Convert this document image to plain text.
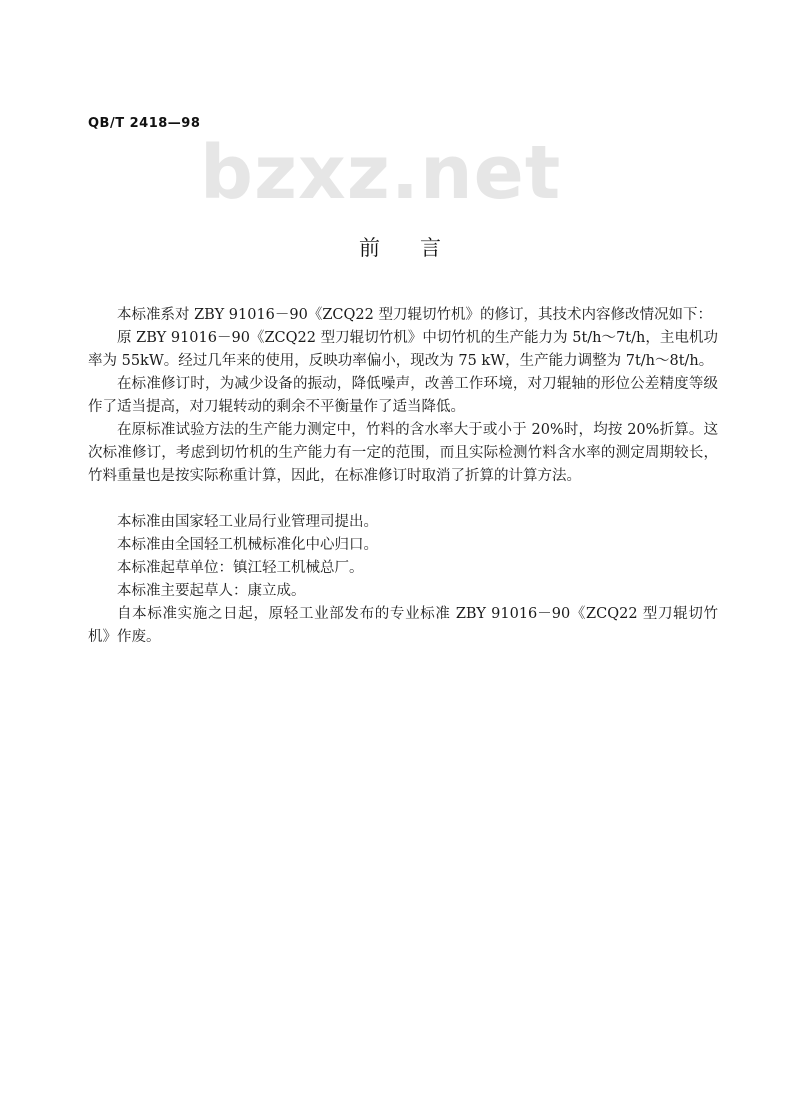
QB/T 2418—98
bzxz.net
前 言

本标准系对 ZBY 91016－90《ZCQ22 型刀辊切竹机》的修订，其技术内容修改情况如下：

原 ZBY 91016－90《ZCQ22 型刀辊切竹机》中切竹机的生产能力为 5t/h～7t/h，主电机功率为 55kW。经过几年来的使用，反映功率偏小，现改为 75 kW，生产能力调整为 7t/h～8t/h。

在标准修订时，为减少设备的振动，降低噪声，改善工作环境，对刀辊轴的形位公差精度等级作了适当提高，对刀辊转动的剩余不平衡量作了适当降低。

在原标准试验方法的生产能力测定中，竹料的含水率大于或小于 20%时，均按 20%折算。这次标准修订，考虑到切竹机的生产能力有一定的范围，而且实际检测竹料含水率的测定周期较长，竹料重量也是按实际称重计算，因此，在标准修订时取消了折算的计算方法。

本标准由国家轻工业局行业管理司提出。

本标准由全国轻工机械标准化中心归口。

本标准起草单位：镇江轻工机械总厂。

本标准主要起草人：康立成。

自本标准实施之日起，原轻工业部发布的专业标准 ZBY 91016－90《ZCQ22 型刀辊切竹机》作废。
